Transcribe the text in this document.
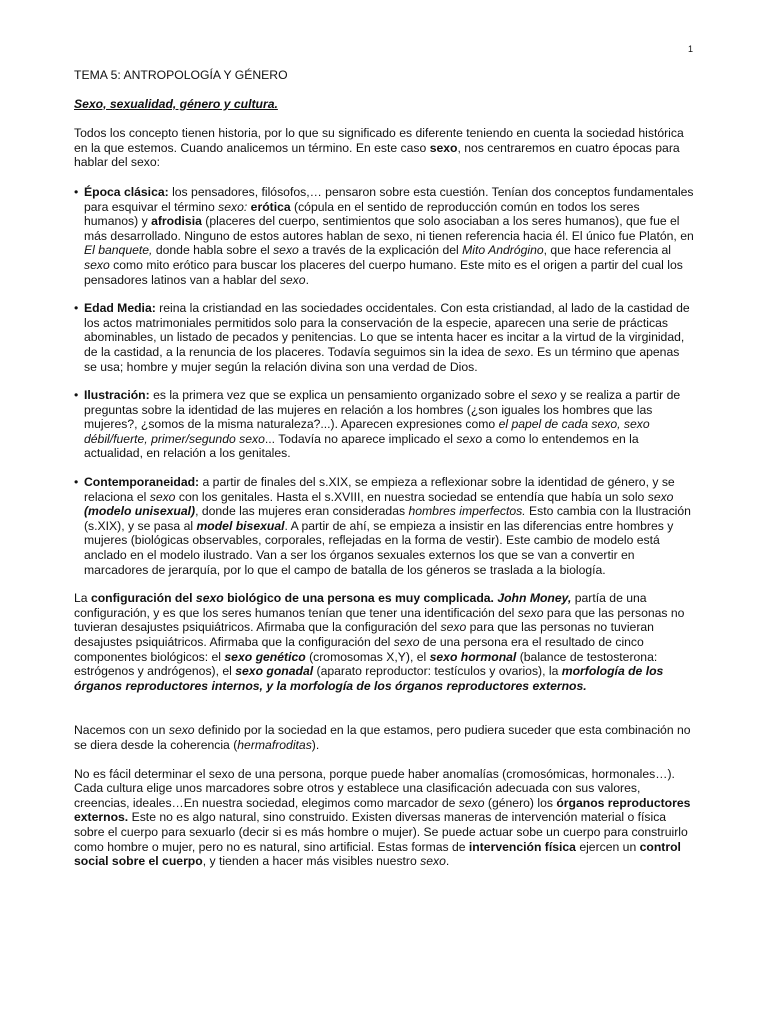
1

TEMA 5: ANTROPOLOGÍA Y GÉNERO

Sexo, sexualidad, género y cultura.

Todos los concepto tienen historia, por lo que su significado es diferente teniendo en cuenta la sociedad histórica en la que estemos. Cuando analicemos un término. En este caso sexo, nos centraremos en cuatro épocas para hablar del sexo:

• Época clásica: los pensadores, filósofos,… pensaron sobre esta cuestión. Tenían dos conceptos fundamentales para esquivar el término sexo: erótica (cópula en el sentido de reproducción común en todos los seres humanos) y afrodisia (placeres del cuerpo, sentimientos que solo asociaban a los seres humanos), que fue el más desarrollado. Ninguno de estos autores hablan de sexo, ni tienen referencia hacia él. El único fue Platón, en El banquete, donde habla sobre el sexo a través de la explicación del Mito Andrógino, que hace referencia al sexo como mito erótico para buscar los placeres del cuerpo humano. Este mito es el origen a partir del cual los pensadores latinos van a hablar del sexo.
• Edad Media: reina la cristiandad en las sociedades occidentales. Con esta cristiandad, al lado de la castidad de los actos matrimoniales permitidos solo para la conservación de la especie, aparecen una serie de prácticas abominables, un listado de pecados y penitencias. Lo que se intenta hacer es incitar a la virtud de la virginidad, de la castidad, a la renuncia de los placeres. Todavía seguimos sin la idea de sexo. Es un término que apenas se usa; hombre y mujer según la relación divina son una verdad de Dios.
• Ilustración: es la primera vez que se explica un pensamiento organizado sobre el sexo y se realiza a partir de preguntas sobre la identidad de las mujeres en relación a los hombres (¿son iguales los hombres que las mujeres?, ¿somos de la misma naturaleza?...). Aparecen expresiones como el papel de cada sexo, sexo débil/fuerte, primer/segundo sexo... Todavía no aparece implicado el sexo a como lo entendemos en la actualidad, en relación a los genitales.
• Contemporaneidad: a partir de finales del s.XIX, se empieza a reflexionar sobre la identidad de género, y se relaciona el sexo con los genitales. Hasta el s.XVIII, en nuestra sociedad se entendía que había un solo sexo (modelo unisexual), donde las mujeres eran consideradas hombres imperfectos. Esto cambia con la Ilustración (s.XIX), y se pasa al model bisexual. A partir de ahí, se empieza a insistir en las diferencias entre hombres y mujeres (biológicas observables, corporales, reflejadas en la forma de vestir). Este cambio de modelo está anclado en el modelo ilustrado. Van a ser los órganos sexuales externos los que se van a convertir en marcadores de jerarquía, por lo que el campo de batalla de los géneros se traslada a la biología.

La configuración del sexo biológico de una persona es muy complicada. John Money, partía de una configuración, y es que los seres humanos tenían que tener una identificación del sexo para que las personas no tuvieran desajustes psiquiátricos. Afirmaba que la configuración del sexo para que las personas no tuvieran desajustes psiquiátricos. Afirmaba que la configuración del sexo de una persona era el resultado de cinco componentes biológicos: el sexo genético (cromosomas X,Y), el sexo hormonal (balance de testosterona: estrógenos y andrógenos), el sexo gonadal (aparato reproductor: testículos y ovarios), la morfología de los órganos reproductores internos, y la morfología de los órganos reproductores externos.

Nacemos con un sexo definido por la sociedad en la que estamos, pero pudiera suceder que esta combinación no se diera desde la coherencia (hermafroditas).

No es fácil determinar el sexo de una persona, porque puede haber anomalías (cromosómicas, hormonales…). Cada cultura elige unos marcadores sobre otros y establece una clasificación adecuada con sus valores, creencias, ideales…En nuestra sociedad, elegimos como marcador de sexo (género) los órganos reproductores externos. Este no es algo natural, sino construido. Existen diversas maneras de intervención material o física sobre el cuerpo para sexuarlo (decir si es más hombre o mujer). Se puede actuar sobe un cuerpo para construirlo como hombre o mujer, pero no es natural, sino artificial. Estas formas de intervención física ejercen un control social sobre el cuerpo, y tienden a hacer más visibles nuestro sexo.
